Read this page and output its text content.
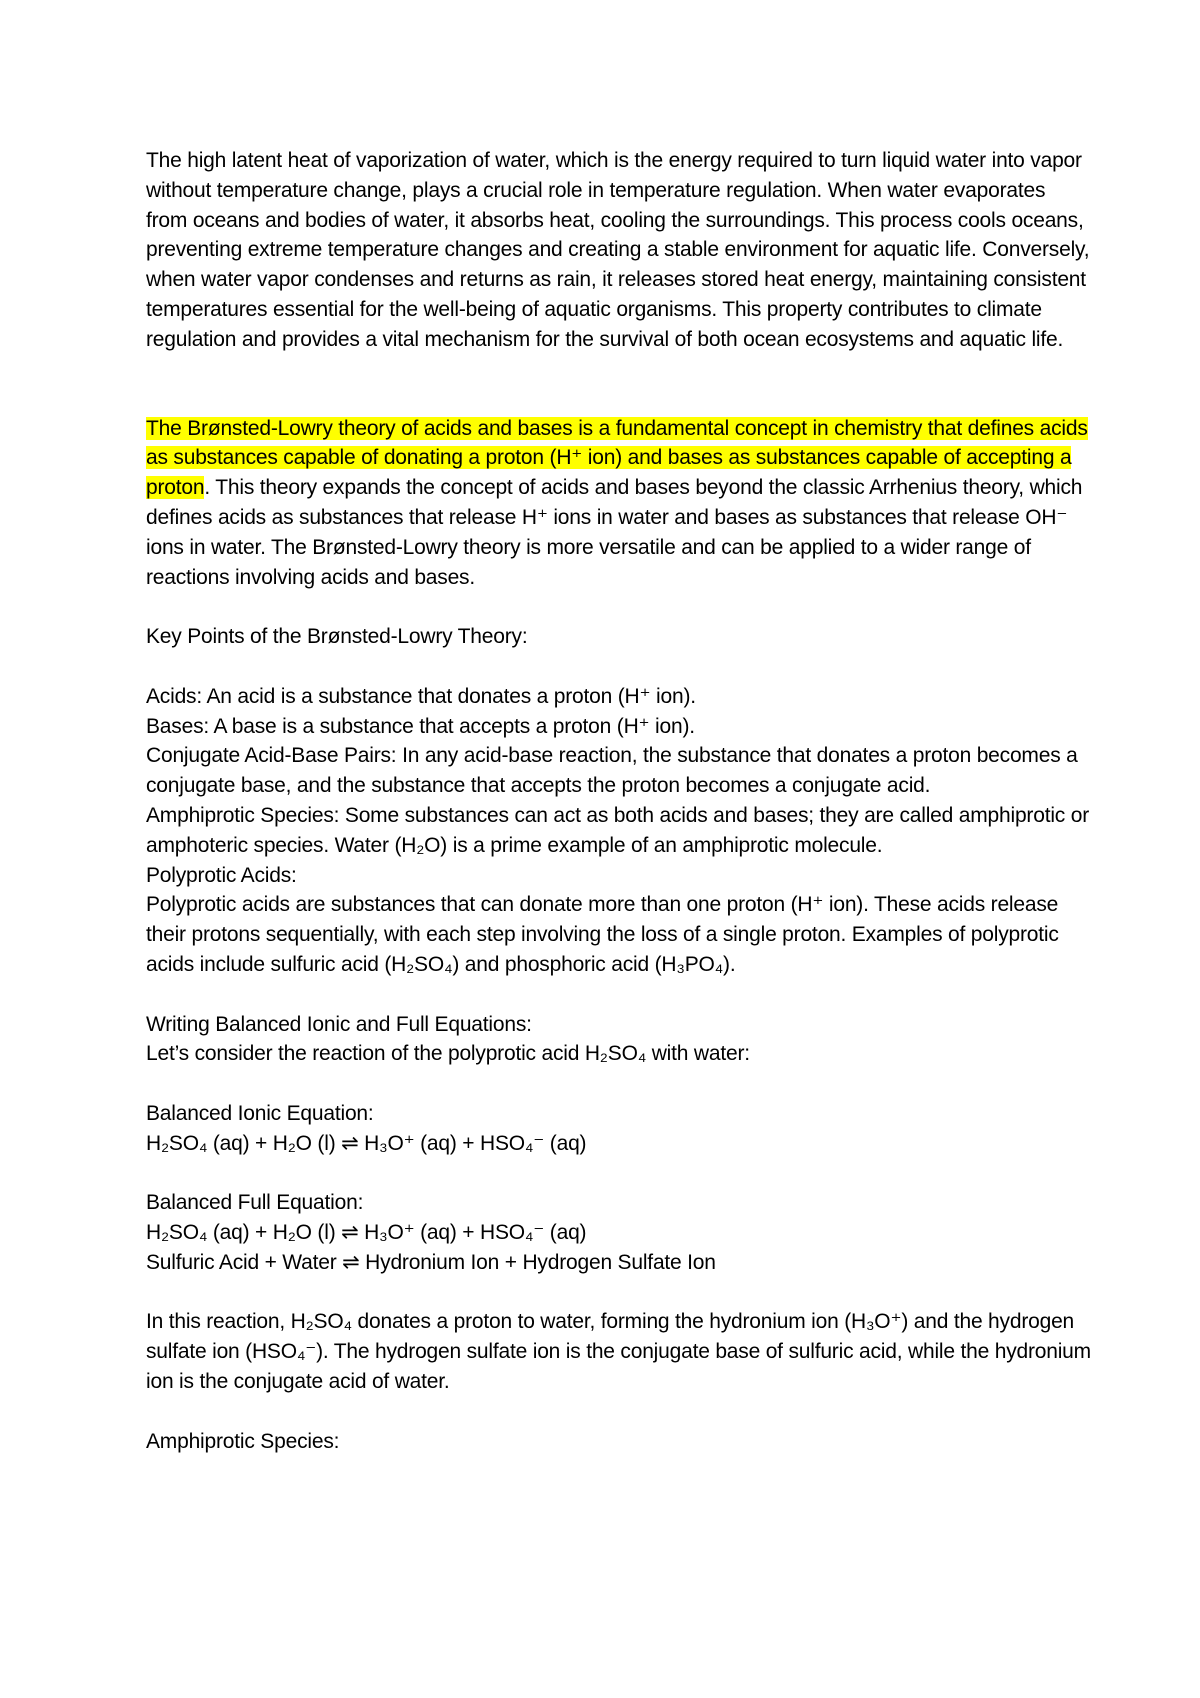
The high latent heat of vaporization of water, which is the energy required to turn liquid water into vapor without temperature change, plays a crucial role in temperature regulation. When water evaporates from oceans and bodies of water, it absorbs heat, cooling the surroundings. This process cools oceans, preventing extreme temperature changes and creating a stable environment for aquatic life. Conversely, when water vapor condenses and returns as rain, it releases stored heat energy, maintaining consistent temperatures essential for the well-being of aquatic organisms. This property contributes to climate regulation and provides a vital mechanism for the survival of both ocean ecosystems and aquatic life.

The Brønsted-Lowry theory of acids and bases is a fundamental concept in chemistry that defines acids as substances capable of donating a proton (H⁺ ion) and bases as substances capable of accepting a proton. This theory expands the concept of acids and bases beyond the classic Arrhenius theory, which defines acids as substances that release H⁺ ions in water and bases as substances that release OH⁻ ions in water. The Brønsted-Lowry theory is more versatile and can be applied to a wider range of reactions involving acids and bases.

Key Points of the Brønsted-Lowry Theory:

Acids: An acid is a substance that donates a proton (H⁺ ion).

Bases: A base is a substance that accepts a proton (H⁺ ion).

Conjugate Acid-Base Pairs: In any acid-base reaction, the substance that donates a proton becomes a conjugate base, and the substance that accepts the proton becomes a conjugate acid.

Amphiprotic Species: Some substances can act as both acids and bases; they are called amphiprotic or amphoteric species. Water (H₂O) is a prime example of an amphiprotic molecule.

Polyprotic Acids:

Polyprotic acids are substances that can donate more than one proton (H⁺ ion). These acids release their protons sequentially, with each step involving the loss of a single proton. Examples of polyprotic acids include sulfuric acid (H₂SO₄) and phosphoric acid (H₃PO₄).

Writing Balanced Ionic and Full Equations:

Let’s consider the reaction of the polyprotic acid H₂SO₄ with water:

Balanced Ionic Equation:

H₂SO₄ (aq) + H₂O (l) ⇌ H₃O⁺ (aq) + HSO₄⁻ (aq)

Balanced Full Equation:

H₂SO₄ (aq) + H₂O (l) ⇌ H₃O⁺ (aq) + HSO₄⁻ (aq)

Sulfuric Acid + Water ⇌ Hydronium Ion + Hydrogen Sulfate Ion

In this reaction, H₂SO₄ donates a proton to water, forming the hydronium ion (H₃O⁺) and the hydrogen sulfate ion (HSO₄⁻). The hydrogen sulfate ion is the conjugate base of sulfuric acid, while the hydronium ion is the conjugate acid of water.

Amphiprotic Species:
